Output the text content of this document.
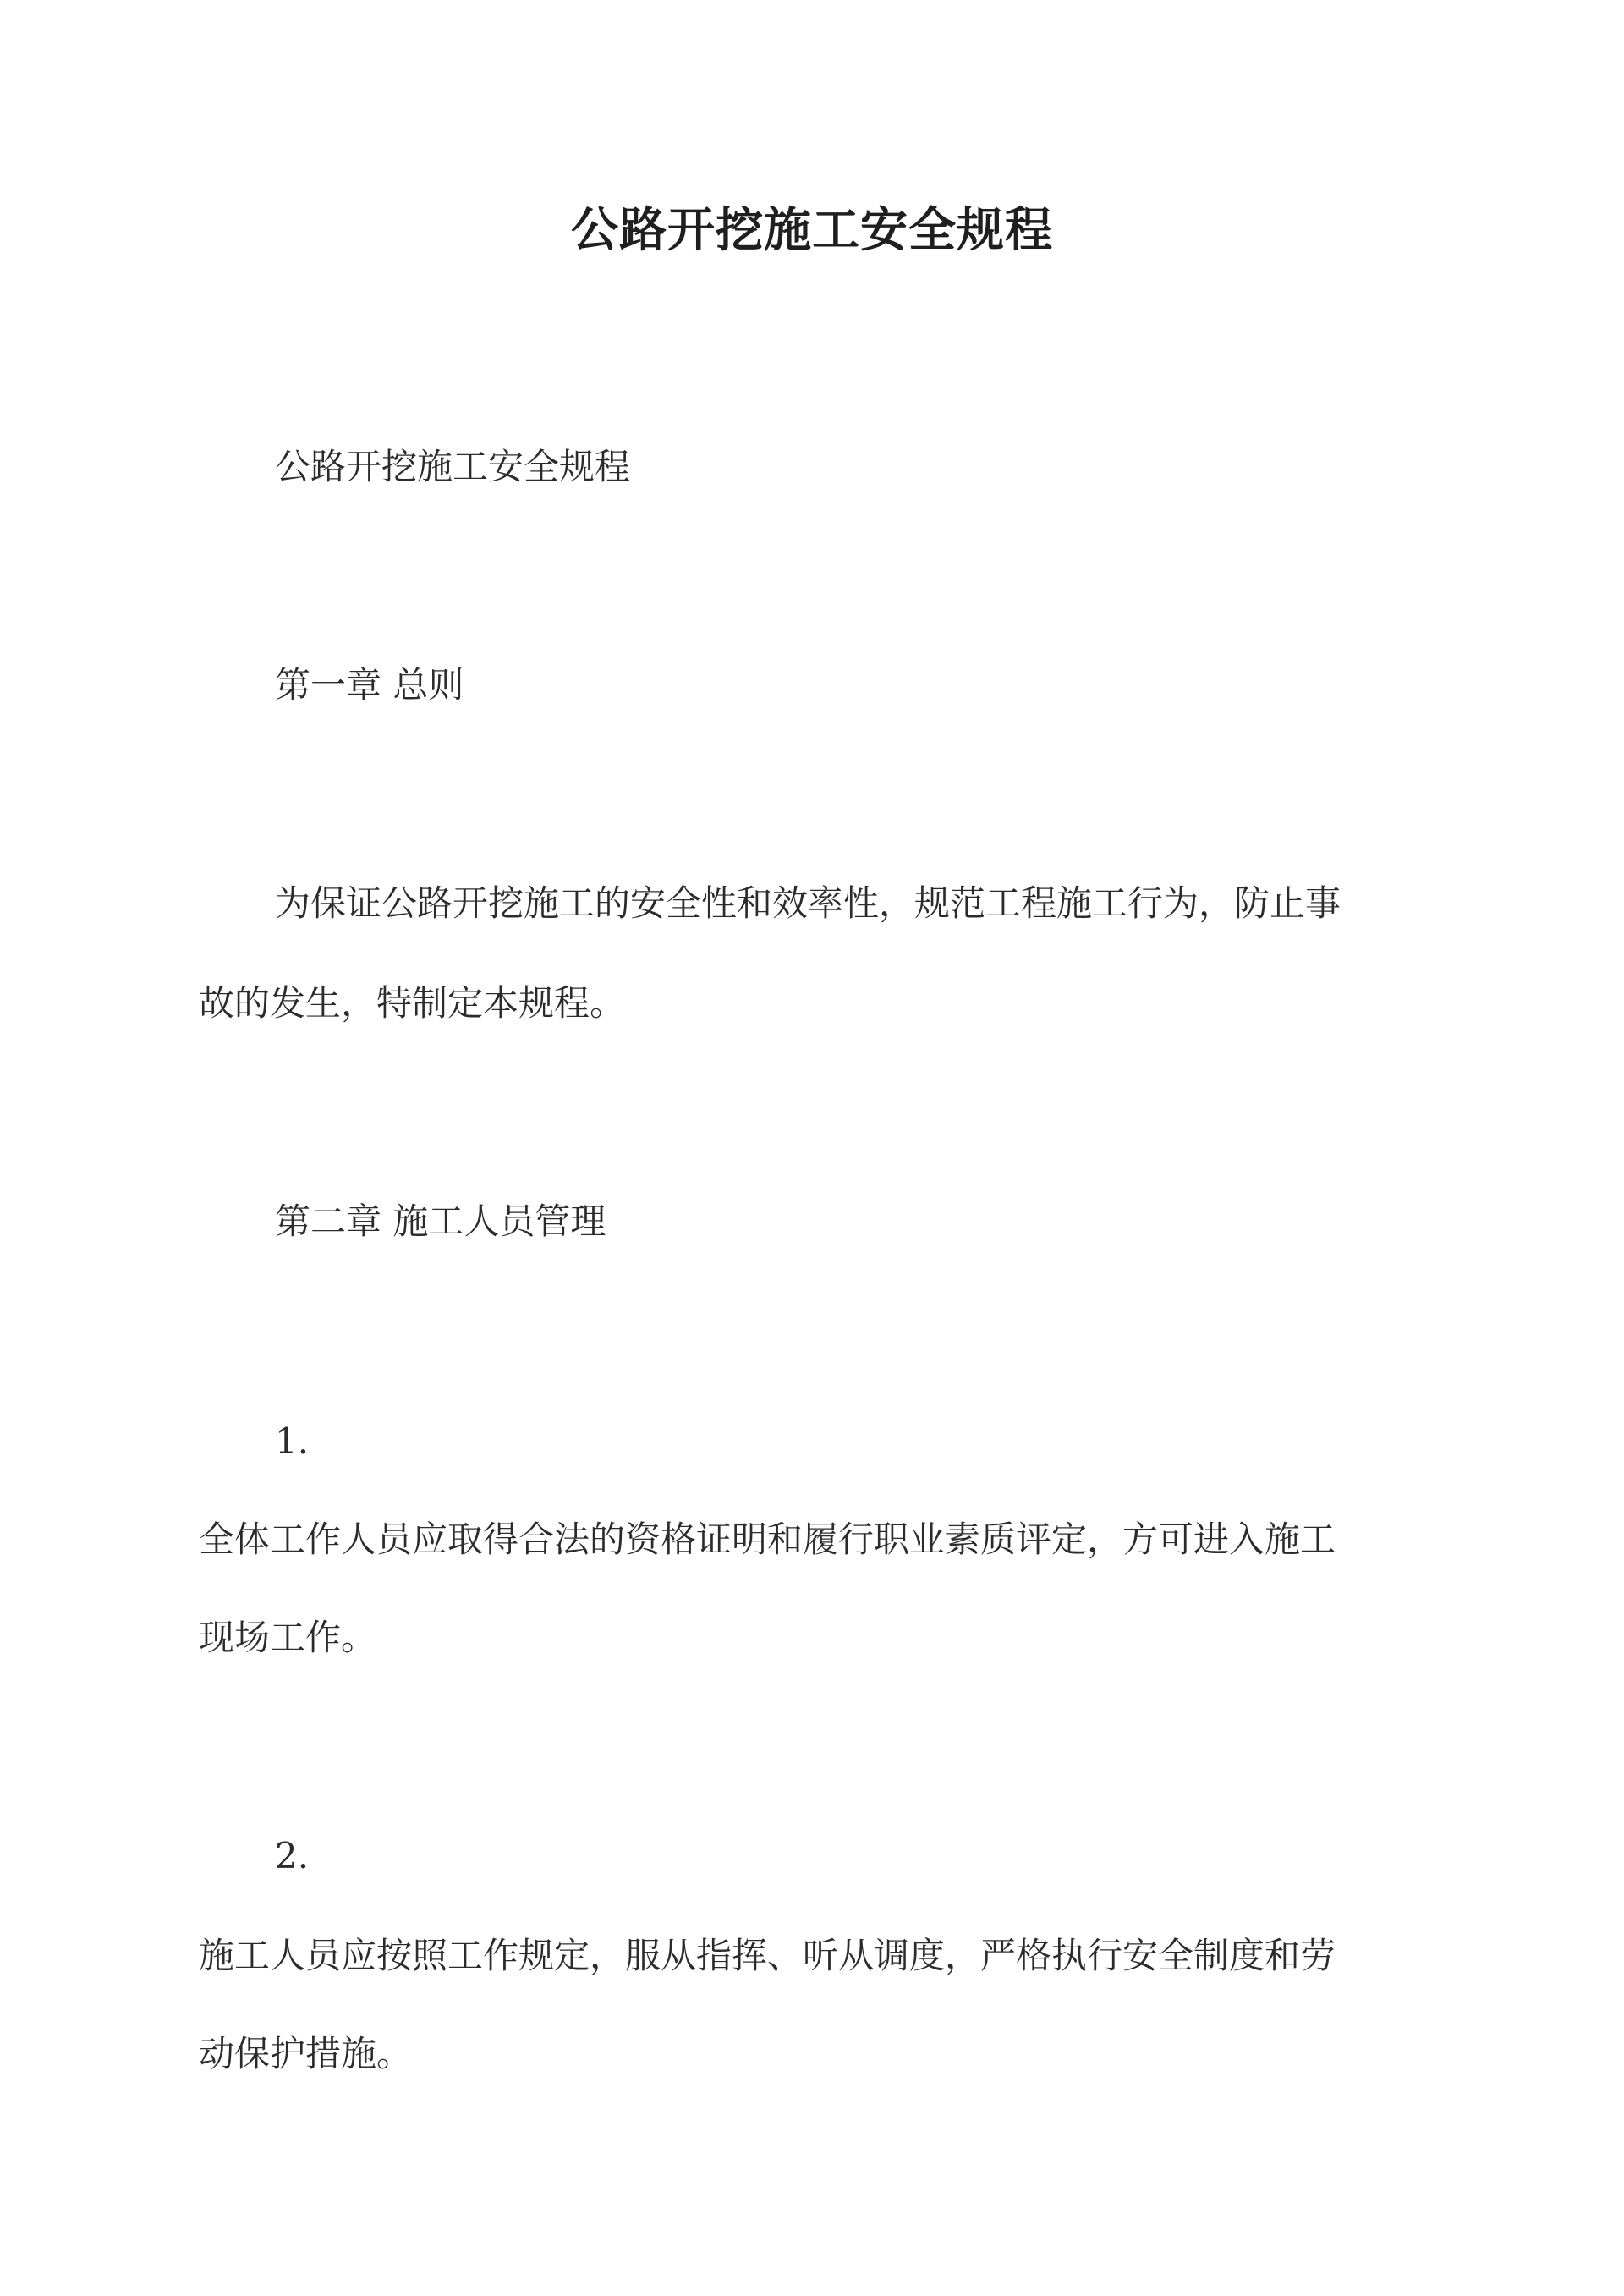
公路开挖施工安全规程

公路开挖施工安全规程

第一章 总则

为保证公路开挖施工的安全性和效率性，规范工程施工行为，防止事

故的发生，特制定本规程。

第二章 施工人员管理

1.

全体工作人员应取得合法的资格证明和履行职业素质评定，方可进入施工

现场工作。

2.

施工人员应按照工作规定，服从指挥、听从调度，严格执行安全制度和劳

动保护措施。
